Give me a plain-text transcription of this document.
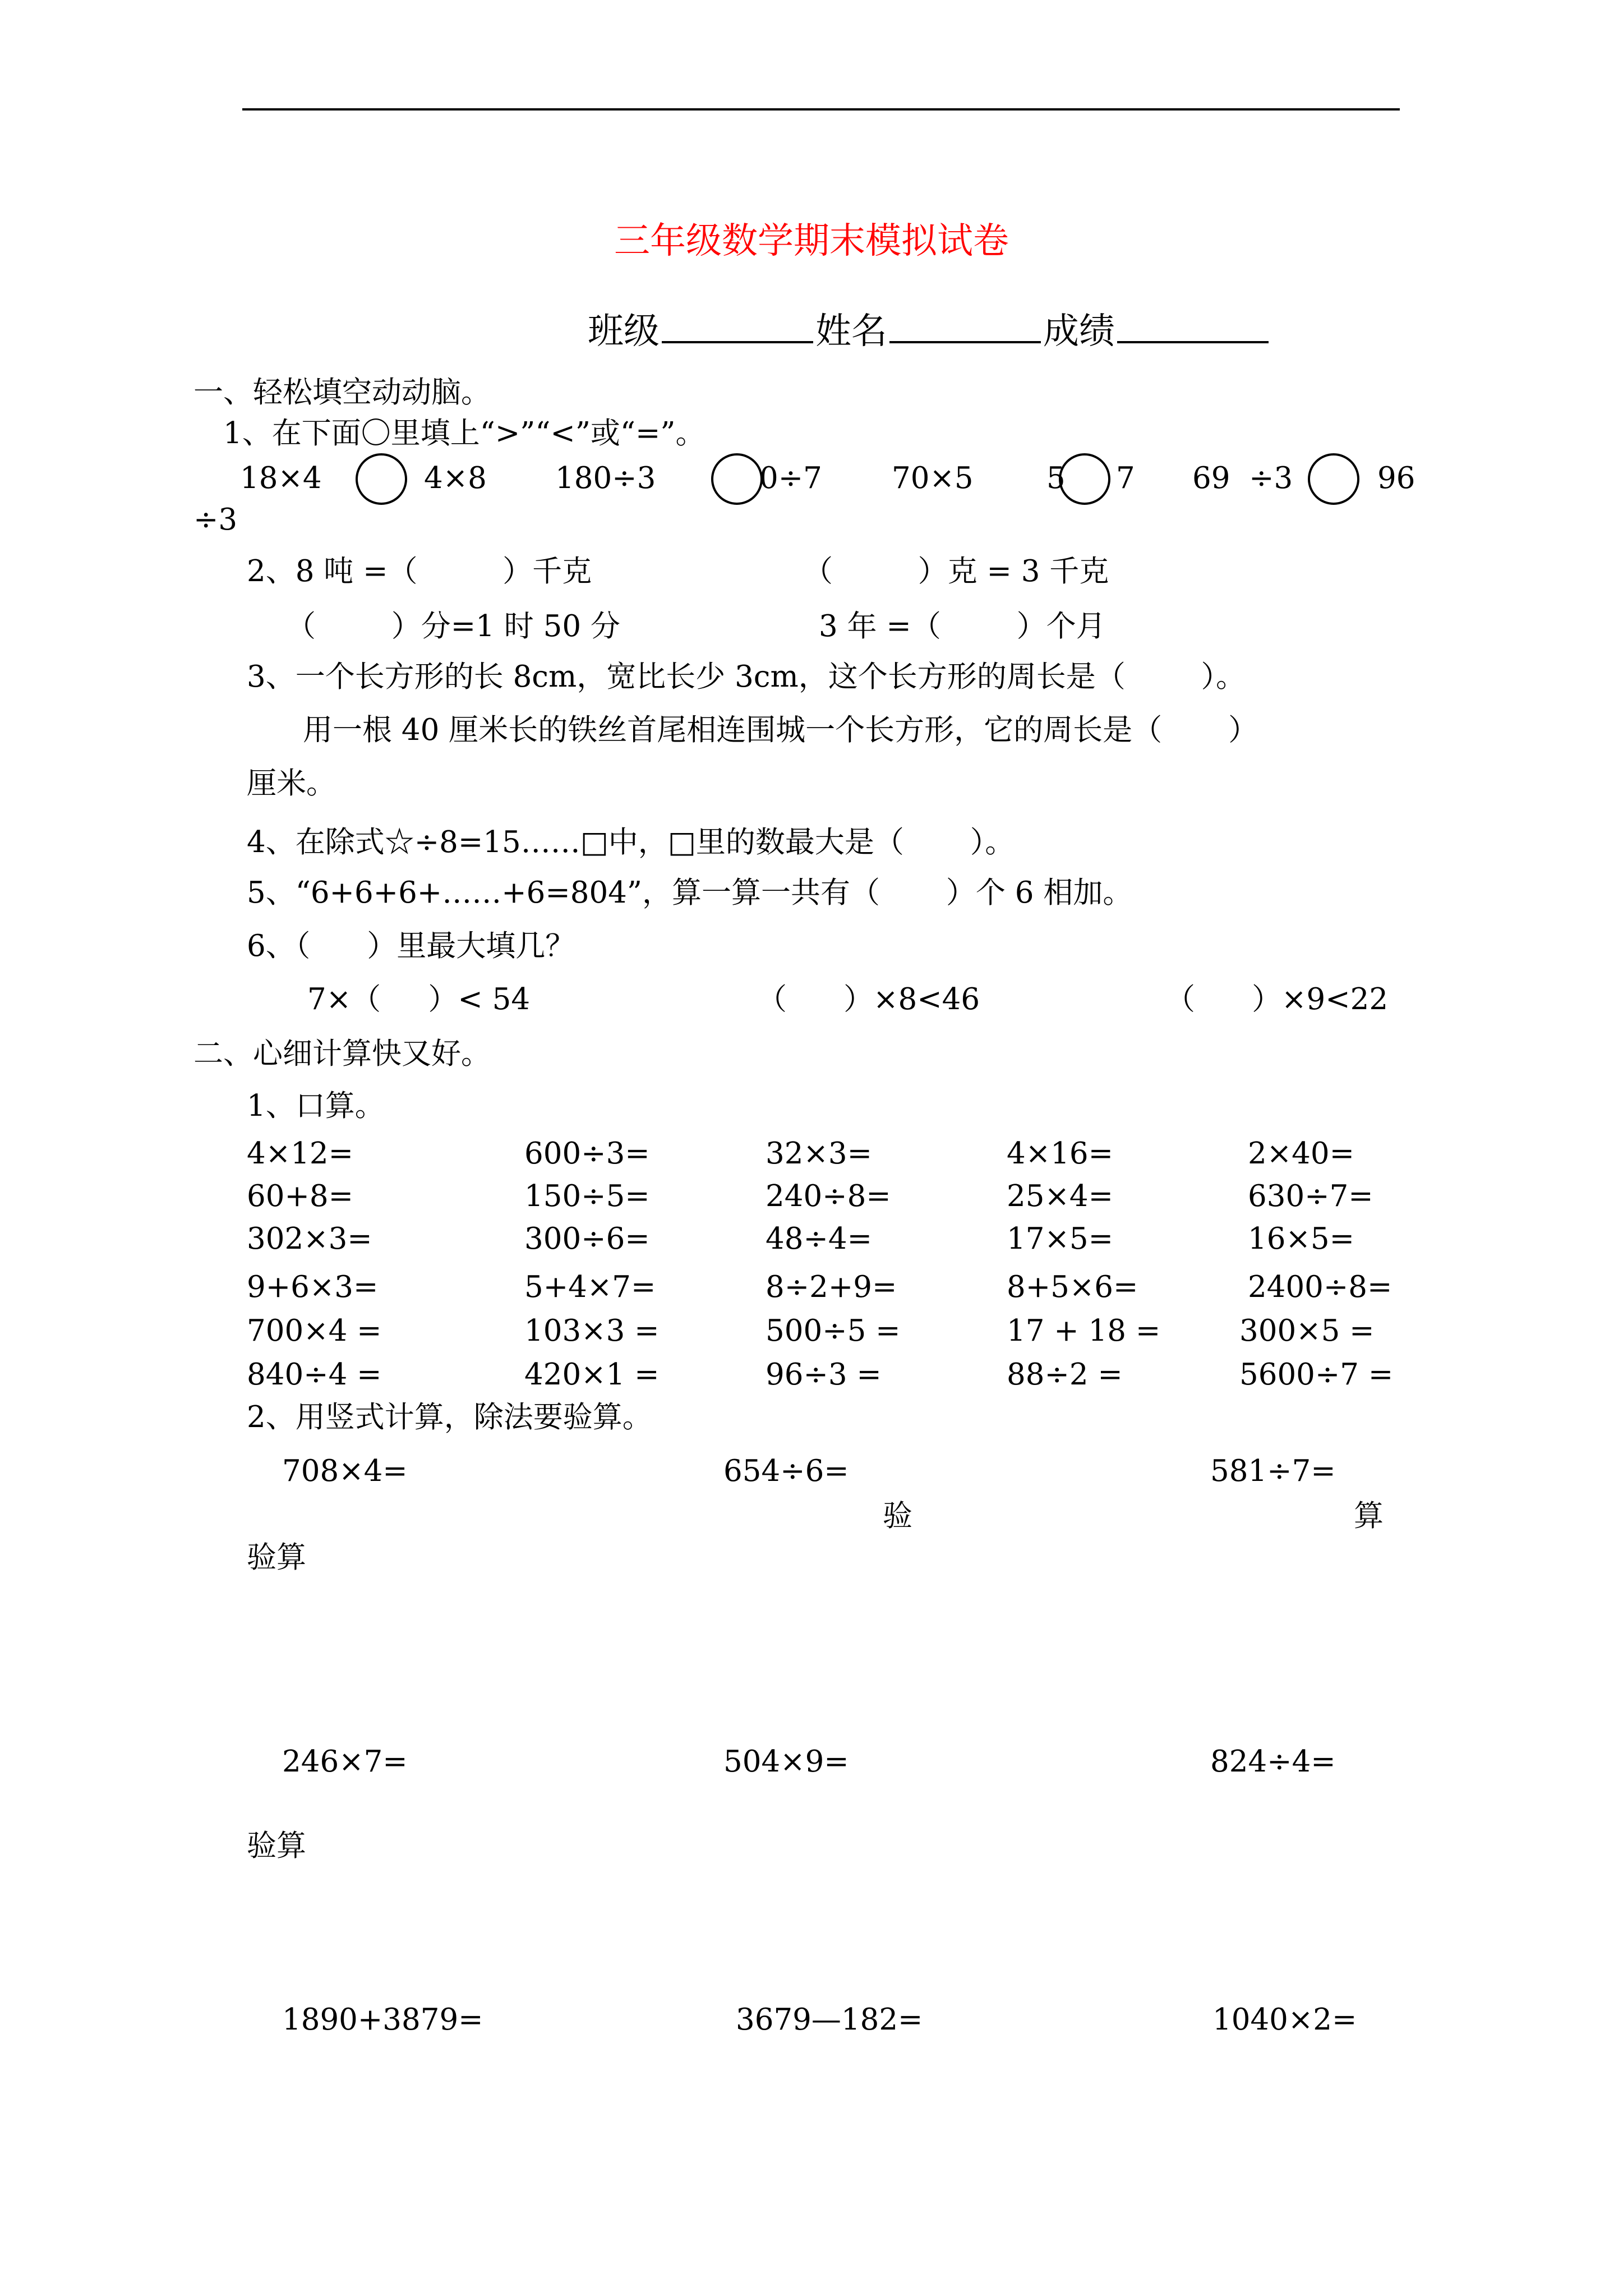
三年级数学期末模拟试卷
班级	姓名	成绩
一、轻松填空动动脑。
1、在下面〇里填上“>”“<”或“=”。
18×4	4×8 180÷3	0÷7 70×5 5 7 69  ÷3	96
÷3
2、8 吨 =（         ）千克	（         ）克 = 3 千克
（        ）分=1 时 50 分	3 年 =（        ）个月
3、一个长方形的长 8cm，宽比长少 3cm，这个长方形的周长是（        ）。
用一根 40 厘米长的铁丝首尾相连围城一个长方形，它的周长是（       ）
厘米。
4、在除式☆÷8=15……□中，□里的数最大是（       ）。
5、“6+6+6+……+6=804”，算一算一共有（       ）个 6 相加。
6、（      ）里最大填几？
7×（     ）< 54	（      ）×8<46	（      ）×9<22
二、心细计算快又好。
1、口算。
4×12=	600÷3=	32×3=	4×16=	2×40=
60+8=	150÷5=	240÷8=	25×4=	630÷7=
302×3=	300÷6=	48÷4=	17×5=	16×5=
9+6×3=	5+4×7=	8÷2+9=	8+5×6=	2400÷8=
700×4 =	103×3 =	500÷5 =	17 + 18 =	300×5 =
840÷4 =	420×1 =	96÷3 =	88÷2 =	5600÷7 =
2、用竖式计算，除法要验算。
708×4=	654÷6=	581÷7=
验	算
验算
246×7=	504×9=	824÷4=
验算
1890+3879=	3679—182=	1040×2=
